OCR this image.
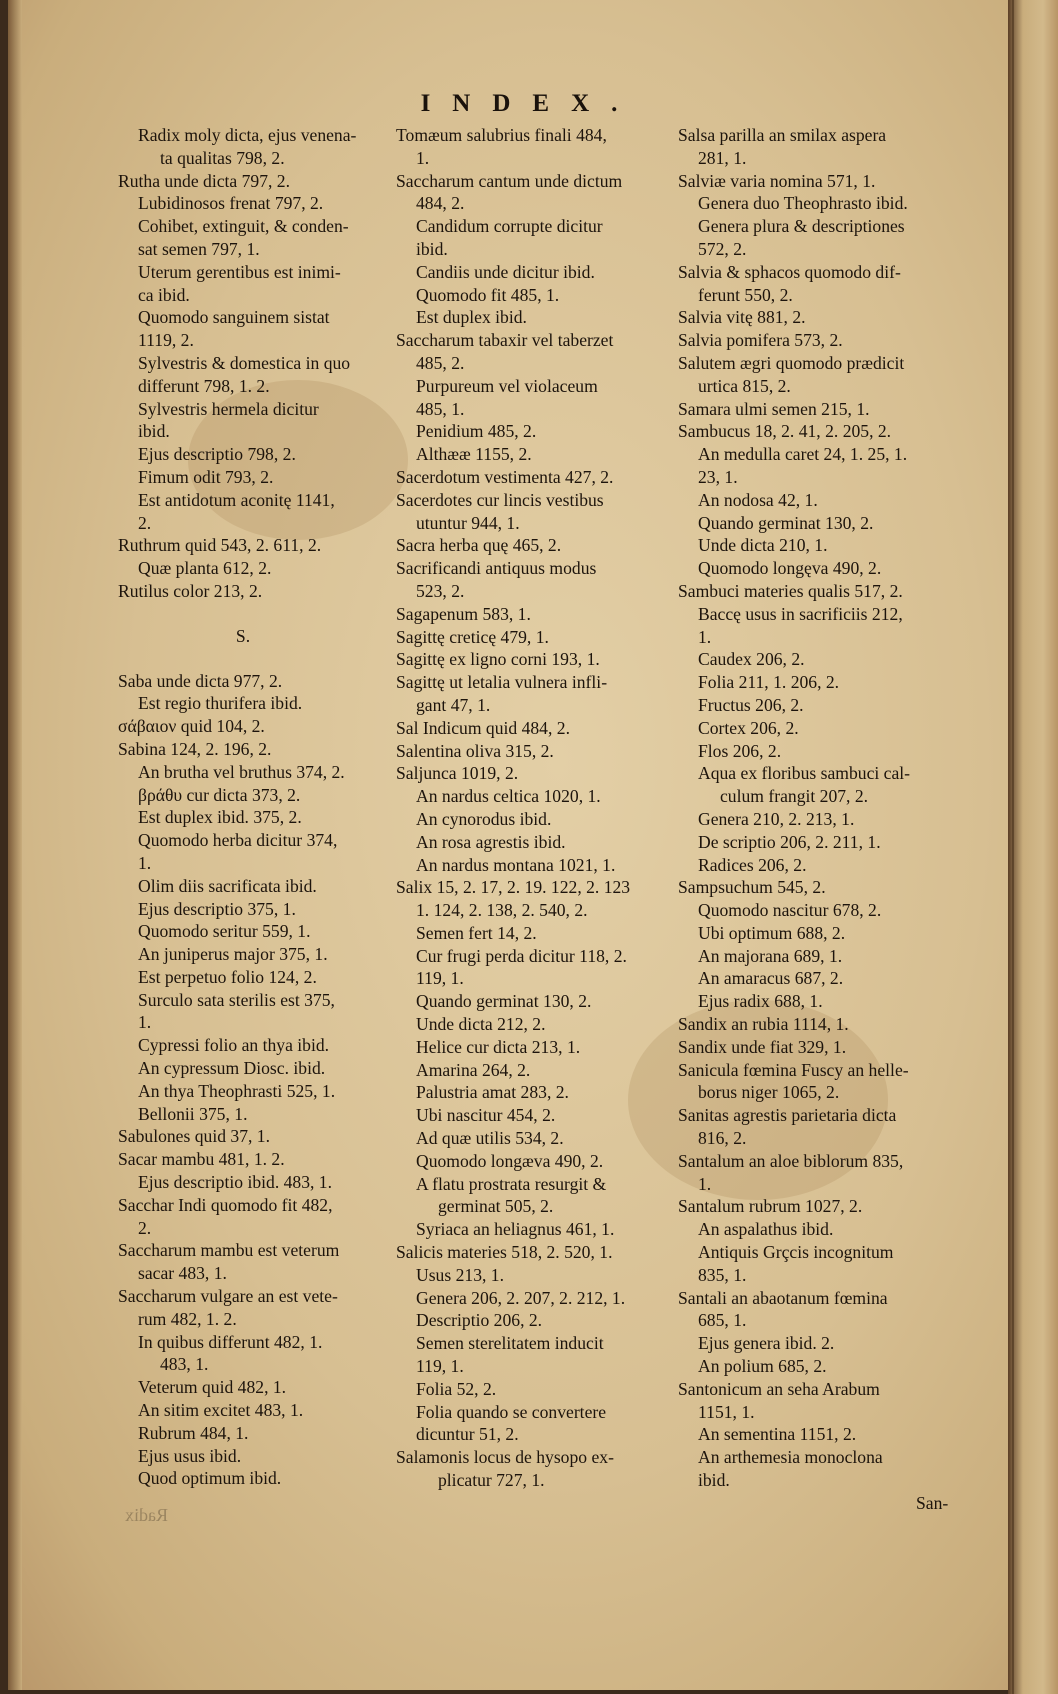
INDEX.
Radix moly dicta, ejus venena-
ta qualitas 798, 2.
Rutha unde dicta 797, 2.
Lubidinosos frenat 797, 2.
Cohibet, extinguit, & conden-
sat semen 797, 1.
Uterum gerentibus est inimi-
ca ibid.
Quomodo sanguinem sistat
1119, 2.
Sylvestris & domestica in quo
differunt 798, 1. 2.
Sylvestris hermela dicitur
ibid.
Ejus descriptio 798, 2.
Fimum odit 793, 2.
Est antidotum aconitę 1141,
2.
Ruthrum quid 543, 2. 611, 2.
Quæ planta 612, 2.
Rutilus color 213, 2.
S.
Saba unde dicta 977, 2.
Est regio thurifera ibid.
σάβαιον quid 104, 2.
Sabina 124, 2. 196, 2.
An brutha vel bruthus 374, 2.
βράθυ cur dicta 373, 2.
Est duplex ibid. 375, 2.
Quomodo herba dicitur 374,
1.
Olim diis sacrificata ibid.
Ejus descriptio 375, 1.
Quomodo seritur 559, 1.
An juniperus major 375, 1.
Est perpetuo folio 124, 2.
Surculo sata sterilis est 375,
1.
Cypressi folio an thya ibid.
An cypressum Diosc. ibid.
An thya Theophrasti 525, 1.
Bellonii 375, 1.
Sabulones quid 37, 1.
Sacar mambu 481, 1. 2.
Ejus descriptio ibid. 483, 1.
Sacchar Indi quomodo fit 482,
2.
Saccharum mambu est veterum
sacar 483, 1.
Saccharum vulgare an est vete-
rum 482, 1. 2.
In quibus differunt 482, 1.
483, 1.
Veterum quid 482, 1.
An sitim excitet 483, 1.
Rubrum 484, 1.
Ejus usus ibid.
Quod optimum ibid.
Tomæum salubrius finali 484,
1.
Saccharum cantum unde dictum
484, 2.
Candidum corrupte dicitur
ibid.
Candiis unde dicitur ibid.
Quomodo fit 485, 1.
Est duplex ibid.
Saccharum tabaxir vel taberzet
485, 2.
Purpureum vel violaceum
485, 1.
Penidium 485, 2.
Althææ 1155, 2.
Sacerdotum vestimenta 427, 2.
Sacerdotes cur lincis vestibus
utuntur 944, 1.
Sacra herba quę 465, 2.
Sacrificandi antiquus modus
523, 2.
Sagapenum 583, 1.
Sagittę creticę 479, 1.
Sagittę ex ligno corni 193, 1.
Sagittę ut letalia vulnera infli-
gant 47, 1.
Sal Indicum quid 484, 2.
Salentina oliva 315, 2.
Saljunca 1019, 2.
An nardus celtica 1020, 1.
An cynorodus ibid.
An rosa agrestis ibid.
An nardus montana 1021, 1.
Salix 15, 2. 17, 2. 19. 122, 2. 123
1. 124, 2. 138, 2. 540, 2.
Semen fert 14, 2.
Cur frugi perda dicitur 118, 2.
119, 1.
Quando germinat 130, 2.
Unde dicta 212, 2.
Helice cur dicta 213, 1.
Amarina 264, 2.
Palustria amat 283, 2.
Ubi nascitur 454, 2.
Ad quæ utilis 534, 2.
Quomodo longæva 490, 2.
A flatu prostrata resurgit &
germinat 505, 2.
Syriaca an heliagnus 461, 1.
Salicis materies 518, 2. 520, 1.
Usus 213, 1.
Genera 206, 2. 207, 2. 212, 1.
Descriptio 206, 2.
Semen sterelitatem inducit
119, 1.
Folia 52, 2.
Folia quando se convertere
dicuntur 51, 2.
Salamonis locus de hysopo ex-
plicatur 727, 1.
Salsa parilla an smilax aspera
281, 1.
Salviæ varia nomina 571, 1.
Genera duo Theophrasto ibid.
Genera plura & descriptiones
572, 2.
Salvia & sphacos quomodo dif-
ferunt 550, 2.
Salvia vitę 881, 2.
Salvia pomifera 573, 2.
Salutem ægri quomodo prædicit
urtica 815, 2.
Samara ulmi semen 215, 1.
Sambucus 18, 2. 41, 2. 205, 2.
An medulla caret 24, 1. 25, 1.
23, 1.
An nodosa 42, 1.
Quando germinat 130, 2.
Unde dicta 210, 1.
Quomodo longęva 490, 2.
Sambuci materies qualis 517, 2.
Baccę usus in sacrificiis 212,
1.
Caudex 206, 2.
Folia 211, 1. 206, 2.
Fructus 206, 2.
Cortex 206, 2.
Flos 206, 2.
Aqua ex floribus sambuci cal-
culum frangit 207, 2.
Genera 210, 2. 213, 1.
De scriptio 206, 2. 211, 1.
Radices 206, 2.
Sampsuchum 545, 2.
Quomodo nascitur 678, 2.
Ubi optimum 688, 2.
An majorana 689, 1.
An amaracus 687, 2.
Ejus radix 688, 1.
Sandix an rubia 1114, 1.
Sandix unde fiat 329, 1.
Sanicula fœmina Fuscy an helle-
borus niger 1065, 2.
Sanitas agrestis parietaria dicta
816, 2.
Santalum an aloe biblorum 835,
1.
Santalum rubrum 1027, 2.
An aspalathus ibid.
Antiquis Grçcis incognitum
835, 1.
Santali an abaotanum fœmina
685, 1.
Ejus genera ibid. 2.
An polium 685, 2.
Santonicum an seha Arabum
1151, 1.
An sementina 1151, 2.
An arthemesia monoclona
ibid.
Radix
San-
